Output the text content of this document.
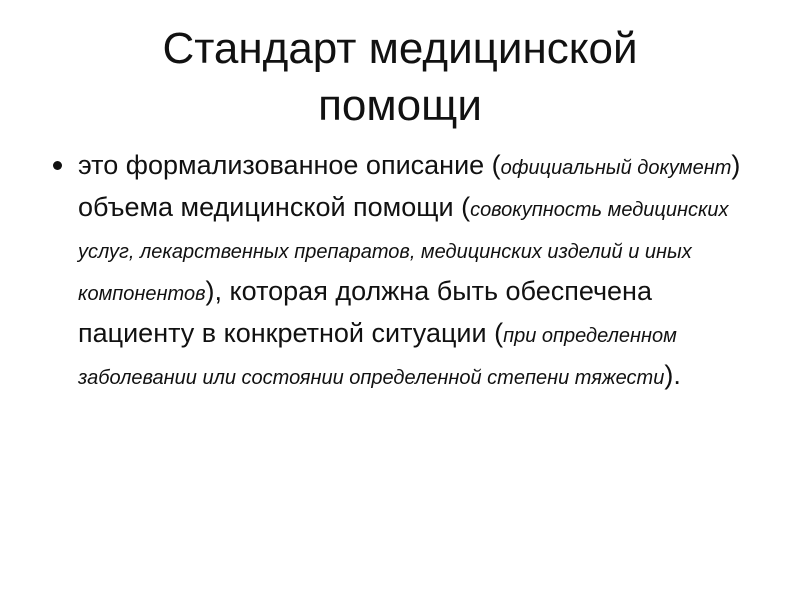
Стандарт медицинской
помощи
это формализованное описание (официальный документ) объема медицинской помощи (совокупность медицинских услуг, лекарственных препаратов, медицинских изделий и иных компонентов), которая должна быть обеспечена пациенту в конкретной ситуации (при определенном заболевании или состоянии определенной степени тяжести).
